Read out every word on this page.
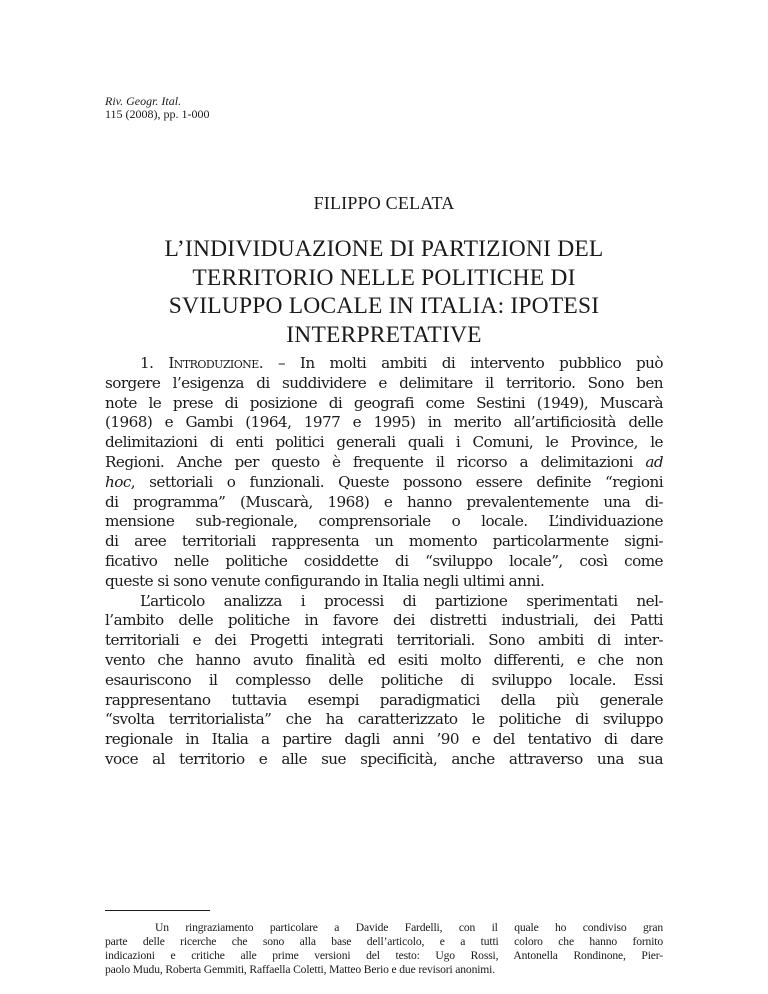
Riv. Geogr. Ital.
115 (2008), pp. 1-000
FILIPPO CELATA
L’INDIVIDUAZIONE DI PARTIZIONI DEL
TERRITORIO NELLE POLITICHE DI
SVILUPPO LOCALE IN ITALIA: IPOTESI
INTERPRETATIVE
1. Introduzione. – In molti ambiti di intervento pubblico può
sorgere l’esigenza di suddividere e delimitare il territorio. Sono ben
note le prese di posizione di geografi come Sestini (1949), Muscarà
(1968) e Gambi (1964, 1977 e 1995) in merito all’artificiosità delle
delimitazioni di enti politici generali quali i Comuni, le Province, le
Regioni. Anche per questo è frequente il ricorso a delimitazioni ad
hoc, settoriali o funzionali. Queste possono essere definite “regioni
di programma” (Muscarà, 1968) e hanno prevalentemente una di-
mensione sub-regionale, comprensoriale o locale. L’individuazione
di aree territoriali rappresenta un momento particolarmente signi-
ficativo nelle politiche cosiddette di “sviluppo locale”, così come
queste si sono venute configurando in Italia negli ultimi anni.
L’articolo analizza i processi di partizione sperimentati nel-
l’ambito delle politiche in favore dei distretti industriali, dei Patti
territoriali e dei Progetti integrati territoriali. Sono ambiti di inter-
vento che hanno avuto finalità ed esiti molto differenti, e che non
esauriscono il complesso delle politiche di sviluppo locale. Essi
rappresentano tuttavia esempi paradigmatici della più generale
“svolta territorialista” che ha caratterizzato le politiche di sviluppo
regionale in Italia a partire dagli anni ’90 e del tentativo di dare
voce al territorio e alle sue specificità, anche attraverso una sua
Un ringraziamento particolare a Davide Fardelli, con il quale ho condiviso gran
parte delle ricerche che sono alla base dell’articolo, e a tutti coloro che hanno fornito
indicazioni e critiche alle prime versioni del testo: Ugo Rossi, Antonella Rondinone, Pier-
paolo Mudu, Roberta Gemmiti, Raffaella Coletti, Matteo Berio e due revisori anonimi.
